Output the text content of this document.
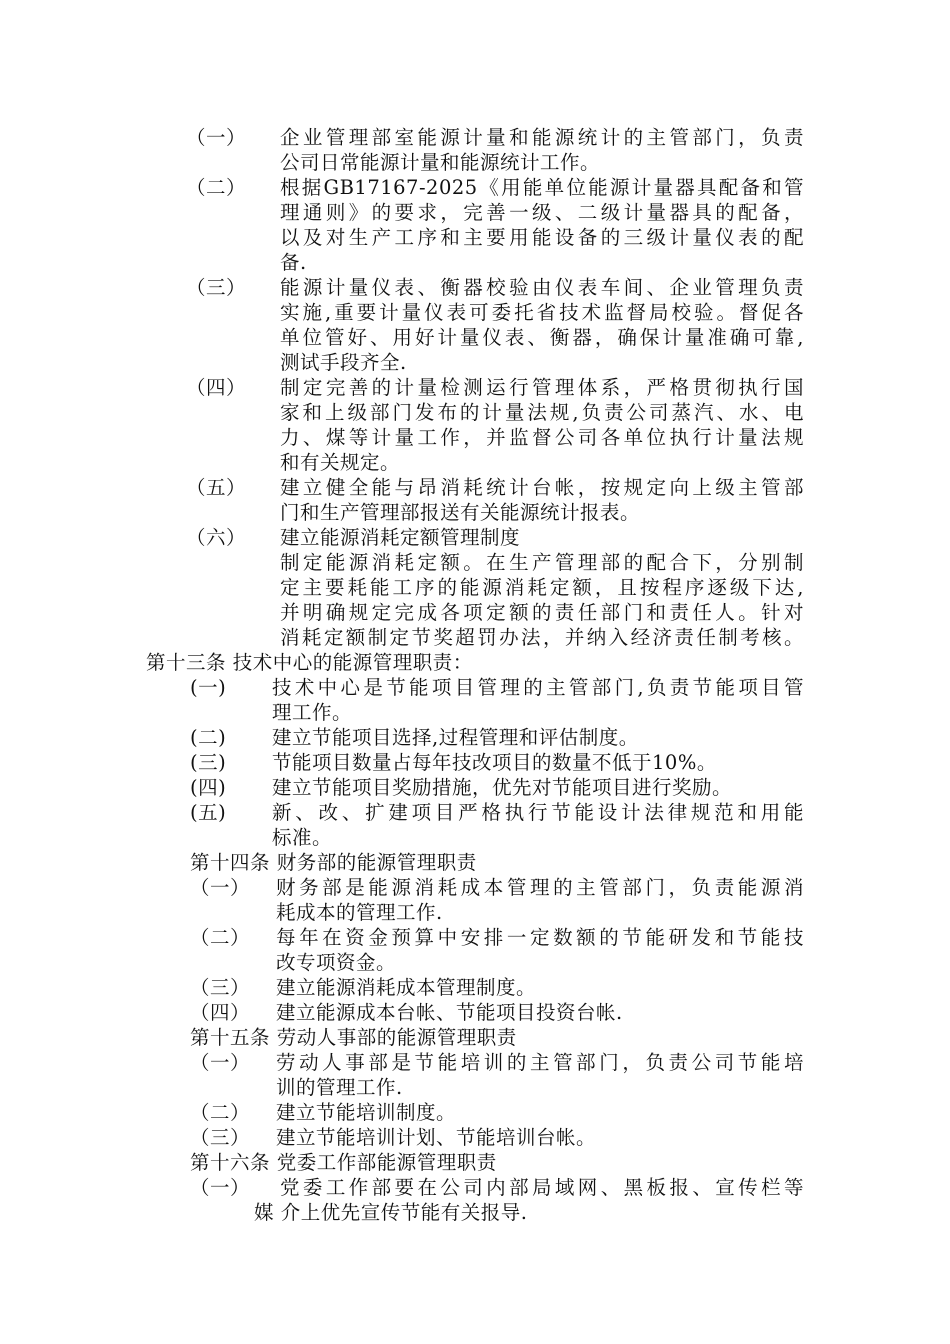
（一） 企业管理部室能源计量和能源统计的主管部门，负责
公司日常能源计量和能源统计工作。
（二） 根据GB17167-2025《用能单位能源计量器具配备和管
理通则》的要求，完善一级、二级计量器具的配备，
以及对生产工序和主要用能设备的三级计量仪表的配
备.
（三） 能源计量仪表、衡器校验由仪表车间、企业管理负责
实施,重要计量仪表可委托省技术监督局校验。督促各
单位管好、用好计量仪表、衡器，确保计量准确可靠,
测试手段齐全.
（四） 制定完善的计量检测运行管理体系，严格贯彻执行国
家和上级部门发布的计量法规,负责公司蒸汽、水、电
力、煤等计量工作，并监督公司各单位执行计量法规
和有关规定。
（五） 建立健全能与昂消耗统计台帐，按规定向上级主管部
门和生产管理部报送有关能源统计报表。
（六） 建立能源消耗定额管理制度
制定能源消耗定额。在生产管理部的配合下，分别制
定主要耗能工序的能源消耗定额，且按程序逐级下达,
并明确规定完成各项定额的责任部门和责任人。针对
消耗定额制定节奖超罚办法，并纳入经济责任制考核。
第十三条 技术中心的能源管理职责：
(一) 技术中心是节能项目管理的主管部门,负责节能项目管
理工作。
(二) 建立节能项目选择,过程管理和评估制度。
(三) 节能项目数量占每年技改项目的数量不低于10%。
(四) 建立节能项目奖励措施，优先对节能项目进行奖励。
(五) 新、改、扩建项目严格执行节能设计法律规范和用能
标准。
第十四条 财务部的能源管理职责
（一） 财务部是能源消耗成本管理的主管部门，负责能源消
耗成本的管理工作.
（二） 每年在资金预算中安排一定数额的节能研发和节能技
改专项资金。
（三） 建立能源消耗成本管理制度。
（四） 建立能源成本台帐、节能项目投资台帐.
第十五条 劳动人事部的能源管理职责
（一） 劳动人事部是节能培训的主管部门，负责公司节能培
训的管理工作.
（二） 建立节能培训制度。
（三） 建立节能培训计划、节能培训台帐。
第十六条 党委工作部能源管理职责
（一） 党委工作部要在公司内部局域网、黑板报、宣传栏等
媒 介上优先宣传节能有关报导.
